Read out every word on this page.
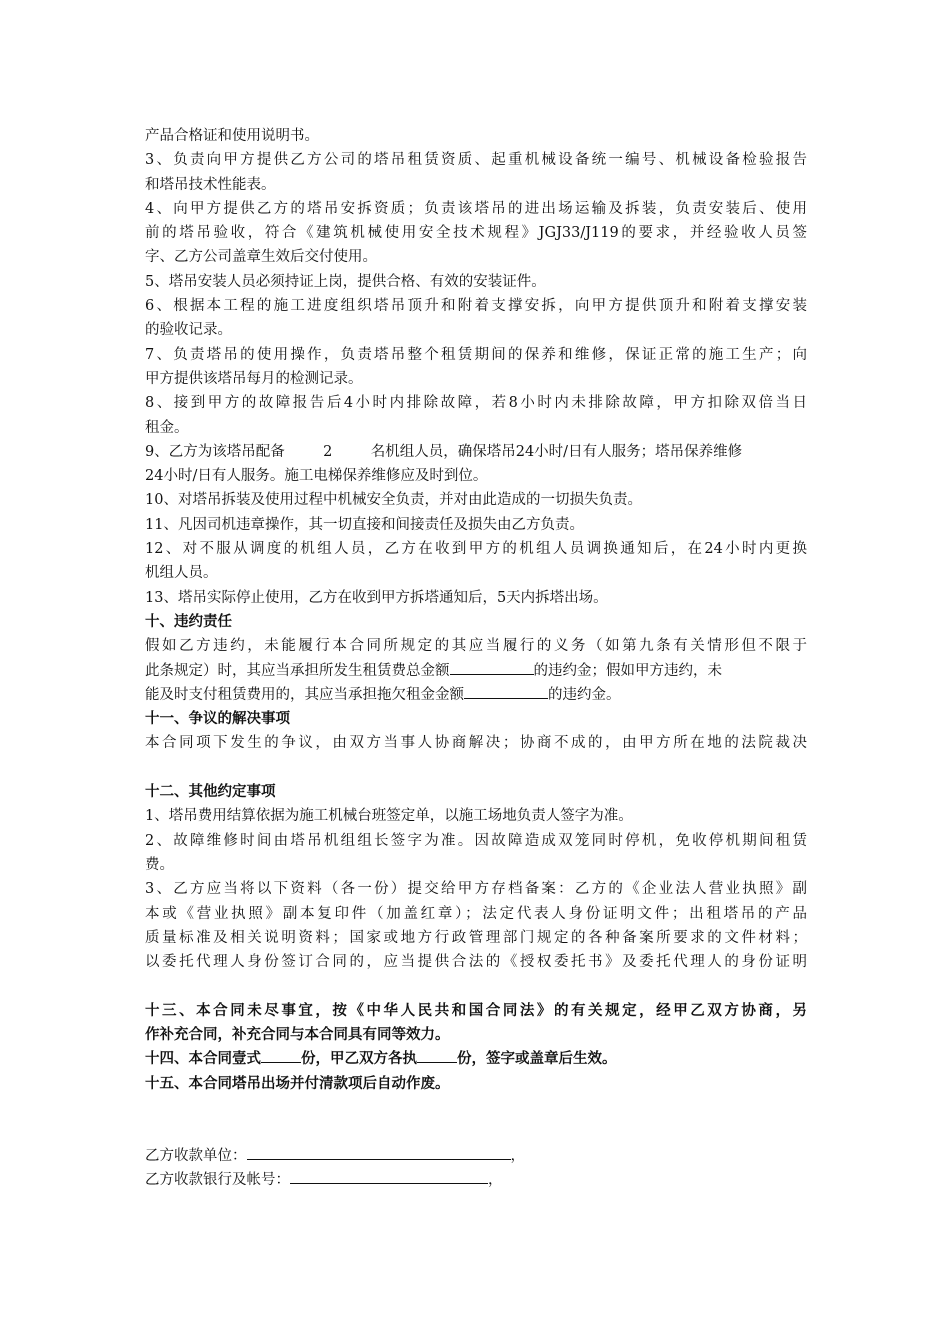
产品合格证和使用说明书。
3、负责向甲方提供乙方公司的塔吊租赁资质、起重机械设备统一编号、机械设备检验报告
和塔吊技术性能表。
4、向甲方提供乙方的塔吊安拆资质；负责该塔吊的进出场运输及拆装，负责安装后、使用
前的塔吊验收，符合《建筑机械使用安全技术规程》JGJ33/J119的要求，并经验收人员签
字、乙方公司盖章生效后交付使用。
5、塔吊安装人员必须持证上岗，提供合格、有效的安装证件。
6、根据本工程的施工进度组织塔吊顶升和附着支撑安拆，向甲方提供顶升和附着支撑安装
的验收记录。
7、负责塔吊的使用操作，负责塔吊整个租赁期间的保养和维修，保证正常的施工生产；向
甲方提供该塔吊每月的检测记录。
8、接到甲方的故障报告后4小时内排除故障，若8小时内未排除故障，甲方扣除双倍当日
租金。
9、乙方为该塔吊配备	2	名机组人员，确保塔吊24小时/日有人服务；塔吊保养维修
24小时/日有人服务。施工电梯保养维修应及时到位。
10、对塔吊拆装及使用过程中机械安全负责，并对由此造成的一切损失负责。
11、凡因司机违章操作，其一切直接和间接责任及损失由乙方负责。
12、对不服从调度的机组人员，乙方在收到甲方的机组人员调换通知后，在24小时内更换
机组人员。
13、塔吊实际停止使用，乙方在收到甲方拆塔通知后，5天内拆塔出场。
十、违约责任
假如乙方违约，未能履行本合同所规定的其应当履行的义务（如第九条有关情形但不限于
此条规定）时，其应当承担所发生租赁费总金额	的违约金；假如甲方违约，未
能及时支付租赁费用的，其应当承担拖欠租金金额	的违约金。
十一、争议的解决事项
本合同项下发生的争议，由双方当事人协商解决；协商不成的，由甲方所在地的法院裁决
十二、其他约定事项
1、塔吊费用结算依据为施工机械台班签定单，以施工场地负责人签字为准。
2、故障维修时间由塔吊机组组长签字为准。因故障造成双笼同时停机，免收停机期间租赁
费。
3、乙方应当将以下资料（各一份）提交给甲方存档备案：乙方的《企业法人营业执照》副
本或《营业执照》副本复印件（加盖红章）；法定代表人身份证明文件；出租塔吊的产品
质量标准及相关说明资料；国家或地方行政管理部门规定的各种备案所要求的文件材料；
以委托代理人身份签订合同的，应当提供合法的《授权委托书》及委托代理人的身份证明
十三、本合同未尽事宜，按《中华人民共和国合同法》的有关规定，经甲乙双方协商，另
作补充合同，补充合同与本合同具有同等效力。
十四、本合同壹式	份，甲乙双方各执	份，签字或盖章后生效。
十五、本合同塔吊出场并付清款项后自动作废。
乙方收款单位：	，
乙方收款银行及帐号：	，
